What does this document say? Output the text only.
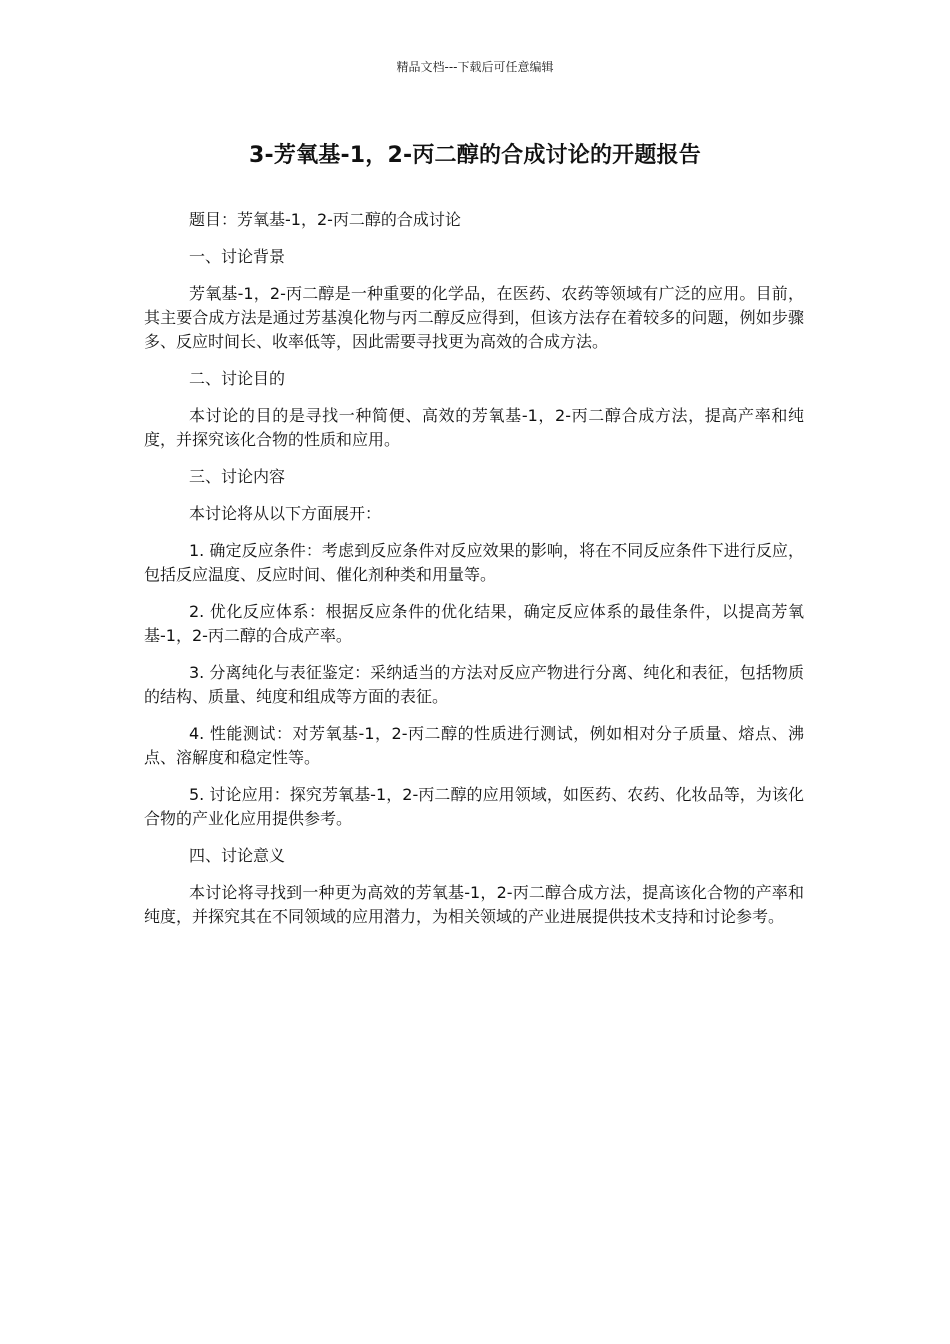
精品文档---下载后可任意编辑
3-芳氧基-1，2-丙二醇的合成讨论的开题报告

题目：芳氧基-1，2-丙二醇的合成讨论

一、讨论背景

芳氧基-1，2-丙二醇是一种重要的化学品，在医药、农药等领域有广泛的应用。目前，其主要合成方法是通过芳基溴化物与丙二醇反应得到，但该方法存在着较多的问题，例如步骤多、反应时间长、收率低等，因此需要寻找更为高效的合成方法。

二、讨论目的

本讨论的目的是寻找一种简便、高效的芳氧基-1，2-丙二醇合成方法，提高产率和纯度，并探究该化合物的性质和应用。

三、讨论内容

本讨论将从以下方面展开：

1. 确定反应条件：考虑到反应条件对反应效果的影响，将在不同反应条件下进行反应，包括反应温度、反应时间、催化剂种类和用量等。

2. 优化反应体系：根据反应条件的优化结果，确定反应体系的最佳条件，以提高芳氧基-1，2-丙二醇的合成产率。

3. 分离纯化与表征鉴定：采纳适当的方法对反应产物进行分离、纯化和表征，包括物质的结构、质量、纯度和组成等方面的表征。

4. 性能测试：对芳氧基-1，2-丙二醇的性质进行测试，例如相对分子质量、熔点、沸点、溶解度和稳定性等。

5. 讨论应用：探究芳氧基-1，2-丙二醇的应用领域，如医药、农药、化妆品等，为该化合物的产业化应用提供参考。

四、讨论意义

本讨论将寻找到一种更为高效的芳氧基-1，2-丙二醇合成方法，提高该化合物的产率和纯度，并探究其在不同领域的应用潜力，为相关领域的产业进展提供技术支持和讨论参考。
